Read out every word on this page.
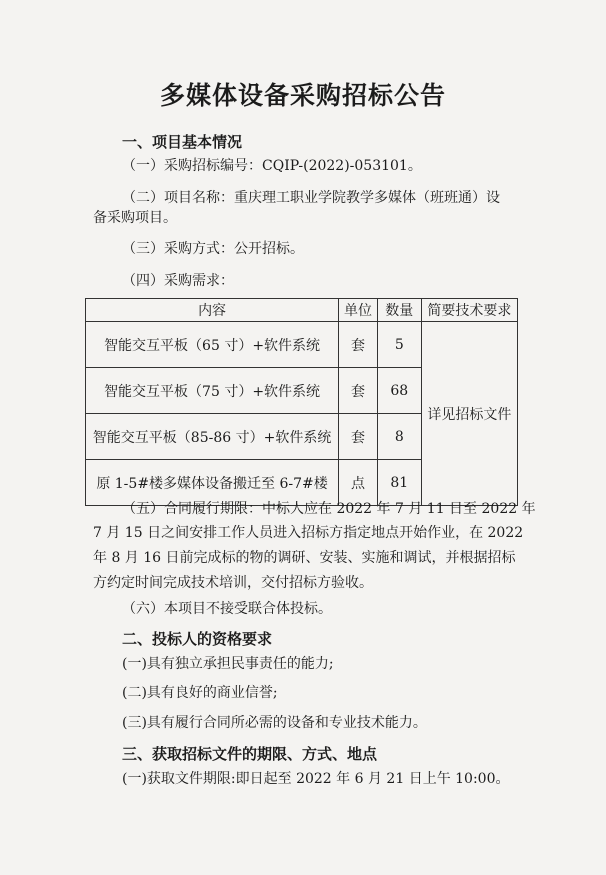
多媒体设备采购招标公告
一、项目基本情况
（一）采购招标编号：CQIP-(2022)-053101。
（二）项目名称：重庆理工职业学院教学多媒体（班班通）设
备采购项目。
（三）采购方式：公开招标。
（四）采购需求：
内容	单位	数量	简要技术要求
智能交互平板（65 寸）+软件系统	套	5	详见招标文件
智能交互平板（75 寸）+软件系统	套	68	
智能交互平板（85-86 寸）+软件系统	套	8	
原 1-5#楼多媒体设备搬迁至 6-7#楼	点	81	
（五）合同履行期限：中标人应在 2022 年 7 月 11 日至 2022 年
7 月 15 日之间安排工作人员进入招标方指定地点开始作业，在 2022
年 8 月 16 日前完成标的物的调研、安装、实施和调试，并根据招标
方约定时间完成技术培训，交付招标方验收。
（六）本项目不接受联合体投标。
二、投标人的资格要求
(一)具有独立承担民事责任的能力;
(二)具有良好的商业信誉;
(三)具有履行合同所必需的设备和专业技术能力。
三、获取招标文件的期限、方式、地点
(一)获取文件期限:即日起至 2022 年 6 月 21 日上午 10:00。
